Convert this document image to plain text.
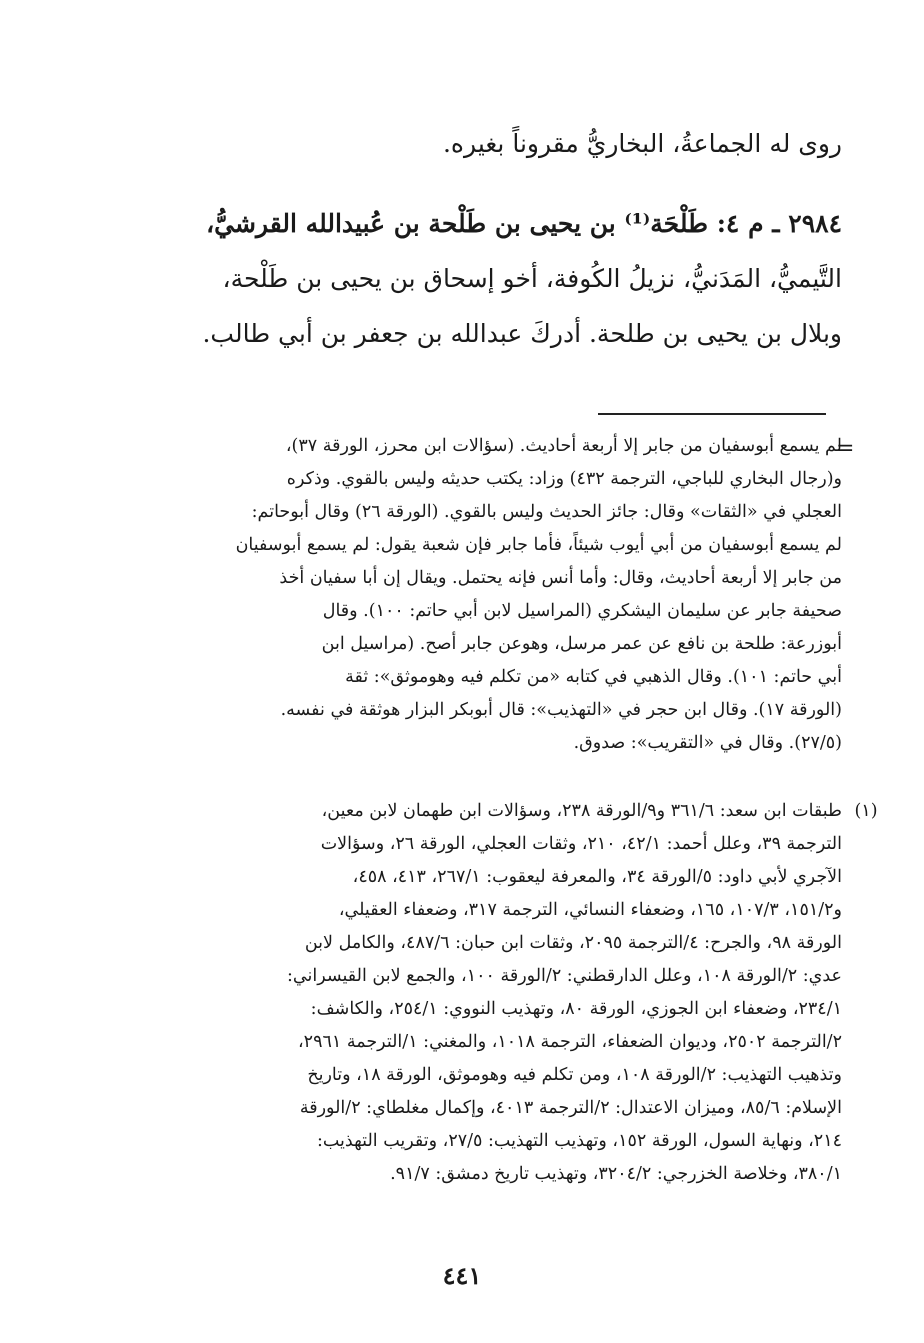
روى له الجماعةُ، البخاريُّ مقروناً بغيره.
٢٩٨٤ ـ م ٤: طَلْحَة⁽¹⁾ بن يحيى بن طَلْحة بن عُبيدالله القرشيُّ،
التَّيميُّ، المَدَنيُّ، نزيلُ الكُوفة، أخو إسحاق بن يحيى بن طَلْحة،
وبلال بن يحيى بن طلحة. أدركَ عبدالله بن جعفر بن أبي طالب.
=
لم يسمع أبوسفيان من جابر إلا أربعة أحاديث. (سؤالات ابن محرز، الورقة ٣٧)،
و(رجال البخاري للباجي، الترجمة ٤٣٢) وزاد: يكتب حديثه وليس بالقوي. وذكره
العجلي في «الثقات» وقال: جائز الحديث وليس بالقوي. (الورقة ٢٦) وقال أبوحاتم:
لم يسمع أبوسفيان من أبي أيوب شيئاً، فأما جابر فإن شعبة يقول: لم يسمع أبوسفيان
من جابر إلا أربعة أحاديث، وقال: وأما أنس فإنه يحتمل. ويقال إن أبا سفيان أخذ
صحيفة جابر عن سليمان اليشكري (المراسيل لابن أبي حاتم: ١٠٠). وقال
أبوزرعة: طلحة بن نافع عن عمر مرسل، وهوعن جابر أصح. (مراسيل ابن
أبي حاتم: ١٠١). وقال الذهبي في كتابه «من تكلم فيه وهوموثق»: ثقة
(الورقة ١٧). وقال ابن حجر في «التهذيب»: قال أبوبكر البزار هوثقة في نفسه.
(٢٧/٥). وقال في «التقريب»: صدوق.
(١)
طبقات ابن سعد: ٣٦١/٦ و٩/الورقة ٢٣٨، وسؤالات ابن طهمان لابن معين،
الترجمة ٣٩، وعلل أحمد: ٤٢/١، ٢١٠، وثقات العجلي، الورقة ٢٦، وسؤالات
الآجري لأبي داود: ٥/الورقة ٣٤، والمعرفة ليعقوب: ٢٦٧/١، ٤١٣، ٤٥٨،
و١٥١/٢، ١٠٧/٣، ١٦٥، وضعفاء النسائي، الترجمة ٣١٧، وضعفاء العقيلي،
الورقة ٩٨، والجرح: ٤/الترجمة ٢٠٩٥، وثقات ابن حبان: ٤٨٧/٦، والكامل لابن
عدي: ٢/الورقة ١٠٨، وعلل الدارقطني: ٢/الورقة ١٠٠، والجمع لابن القيسراني:
٢٣٤/١، وضعفاء ابن الجوزي، الورقة ٨٠، وتهذيب النووي: ٢٥٤/١، والكاشف:
٢/الترجمة ٢٥٠٢، وديوان الضعفاء، الترجمة ١٠١٨، والمغني: ١/الترجمة ٢٩٦١،
وتذهيب التهذيب: ٢/الورقة ١٠٨، ومن تكلم فيه وهوموثق، الورقة ١٨، وتاريخ
الإسلام: ٨٥/٦، وميزان الاعتدال: ٢/الترجمة ٤٠١٣، وإكمال مغلطاي: ٢/الورقة
٢١٤، ونهاية السول، الورقة ١٥٢، وتهذيب التهذيب: ٢٧/٥، وتقريب التهذيب:
٣٨٠/١، وخلاصة الخزرجي: ٣٢٠٤/٢، وتهذيب تاريخ دمشق: ٩١/٧.
٤٤١
